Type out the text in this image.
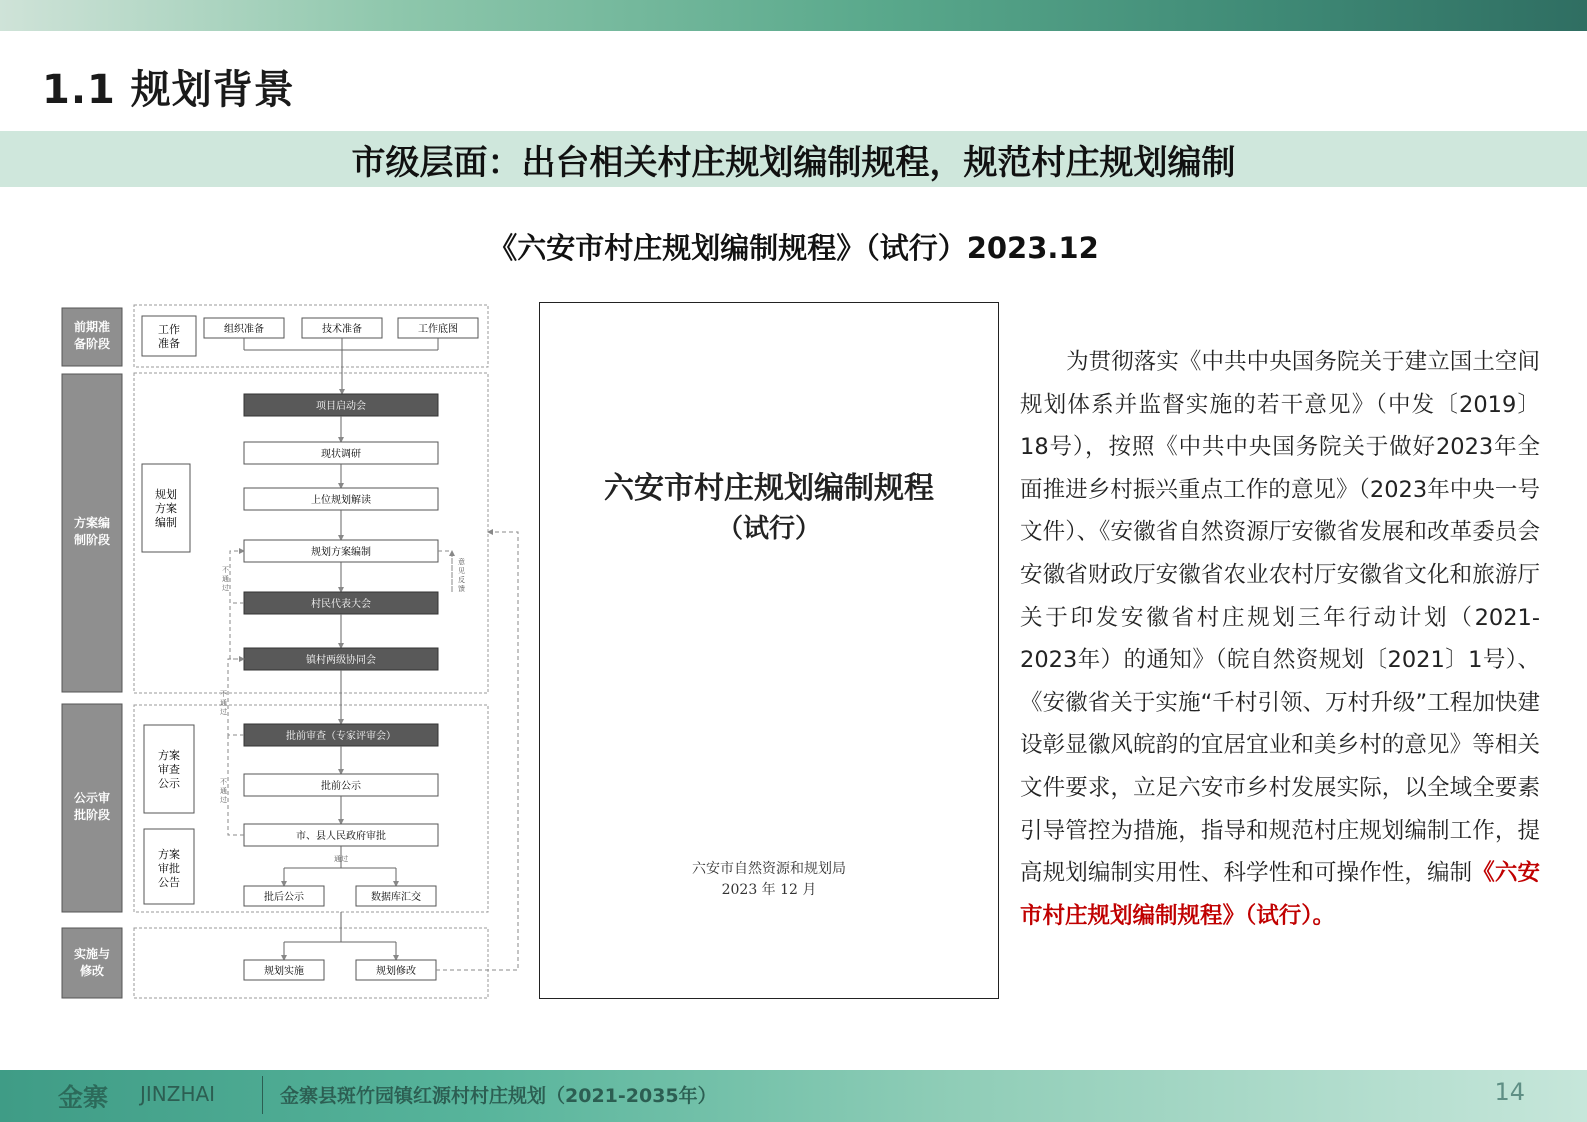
1.1 规划背景
市级层面：出台相关村庄规划编制规程，规范村庄规划编制
《六安市村庄规划编制规程》（试行）2023.12
前期准
备阶段
方案编
制阶段
公示审
批阶段
实施与
修改
工作
准备
规划
方案
编制
方案
审查
公示
方案
审批
公告
组织准备	技术准备	工作底图
项目启动会
现状调研
上位规划解读
规划方案编制
村民代表大会
镇村两级协同会
批前审查（专家评审会）
批前公示
市、县人民政府审批
通过
批后公示	数据库汇交
规划实施	规划修改
不
通
过
意
见
反
馈
不
通
过
不
通
过
六安市村庄规划编制规程
（试行）
六安市自然资源和规划局
2023 年 12 月
为贯彻落实《中共中央国务院关于建立国土空间规划体系并监督实施的若干意见》（中发〔2019〕18号），按照《中共中央国务院关于做好2023年全面推进乡村振兴重点工作的意见》（2023年中央一号文件）、《安徽省自然资源厅安徽省发展和改革委员会安徽省财政厅安徽省农业农村厅安徽省文化和旅游厅关于印发安徽省村庄规划三年行动计划（2021-2023年）的通知》（皖自然资规划〔2021〕1号）、《安徽省关于实施“千村引领、万村升级”工程加快建设彰显徽风皖韵的宜居宜业和美乡村的意见》等相关文件要求，立足六安市乡村发展实际，以全域全要素引导管控为措施，指导和规范村庄规划编制工作，提高规划编制实用性、科学性和可操作性，编制《六安市村庄规划编制规程》（试行）。
金寨 JINZHAI	金寨县斑竹园镇红源村村庄规划（2021-2035年）	14
